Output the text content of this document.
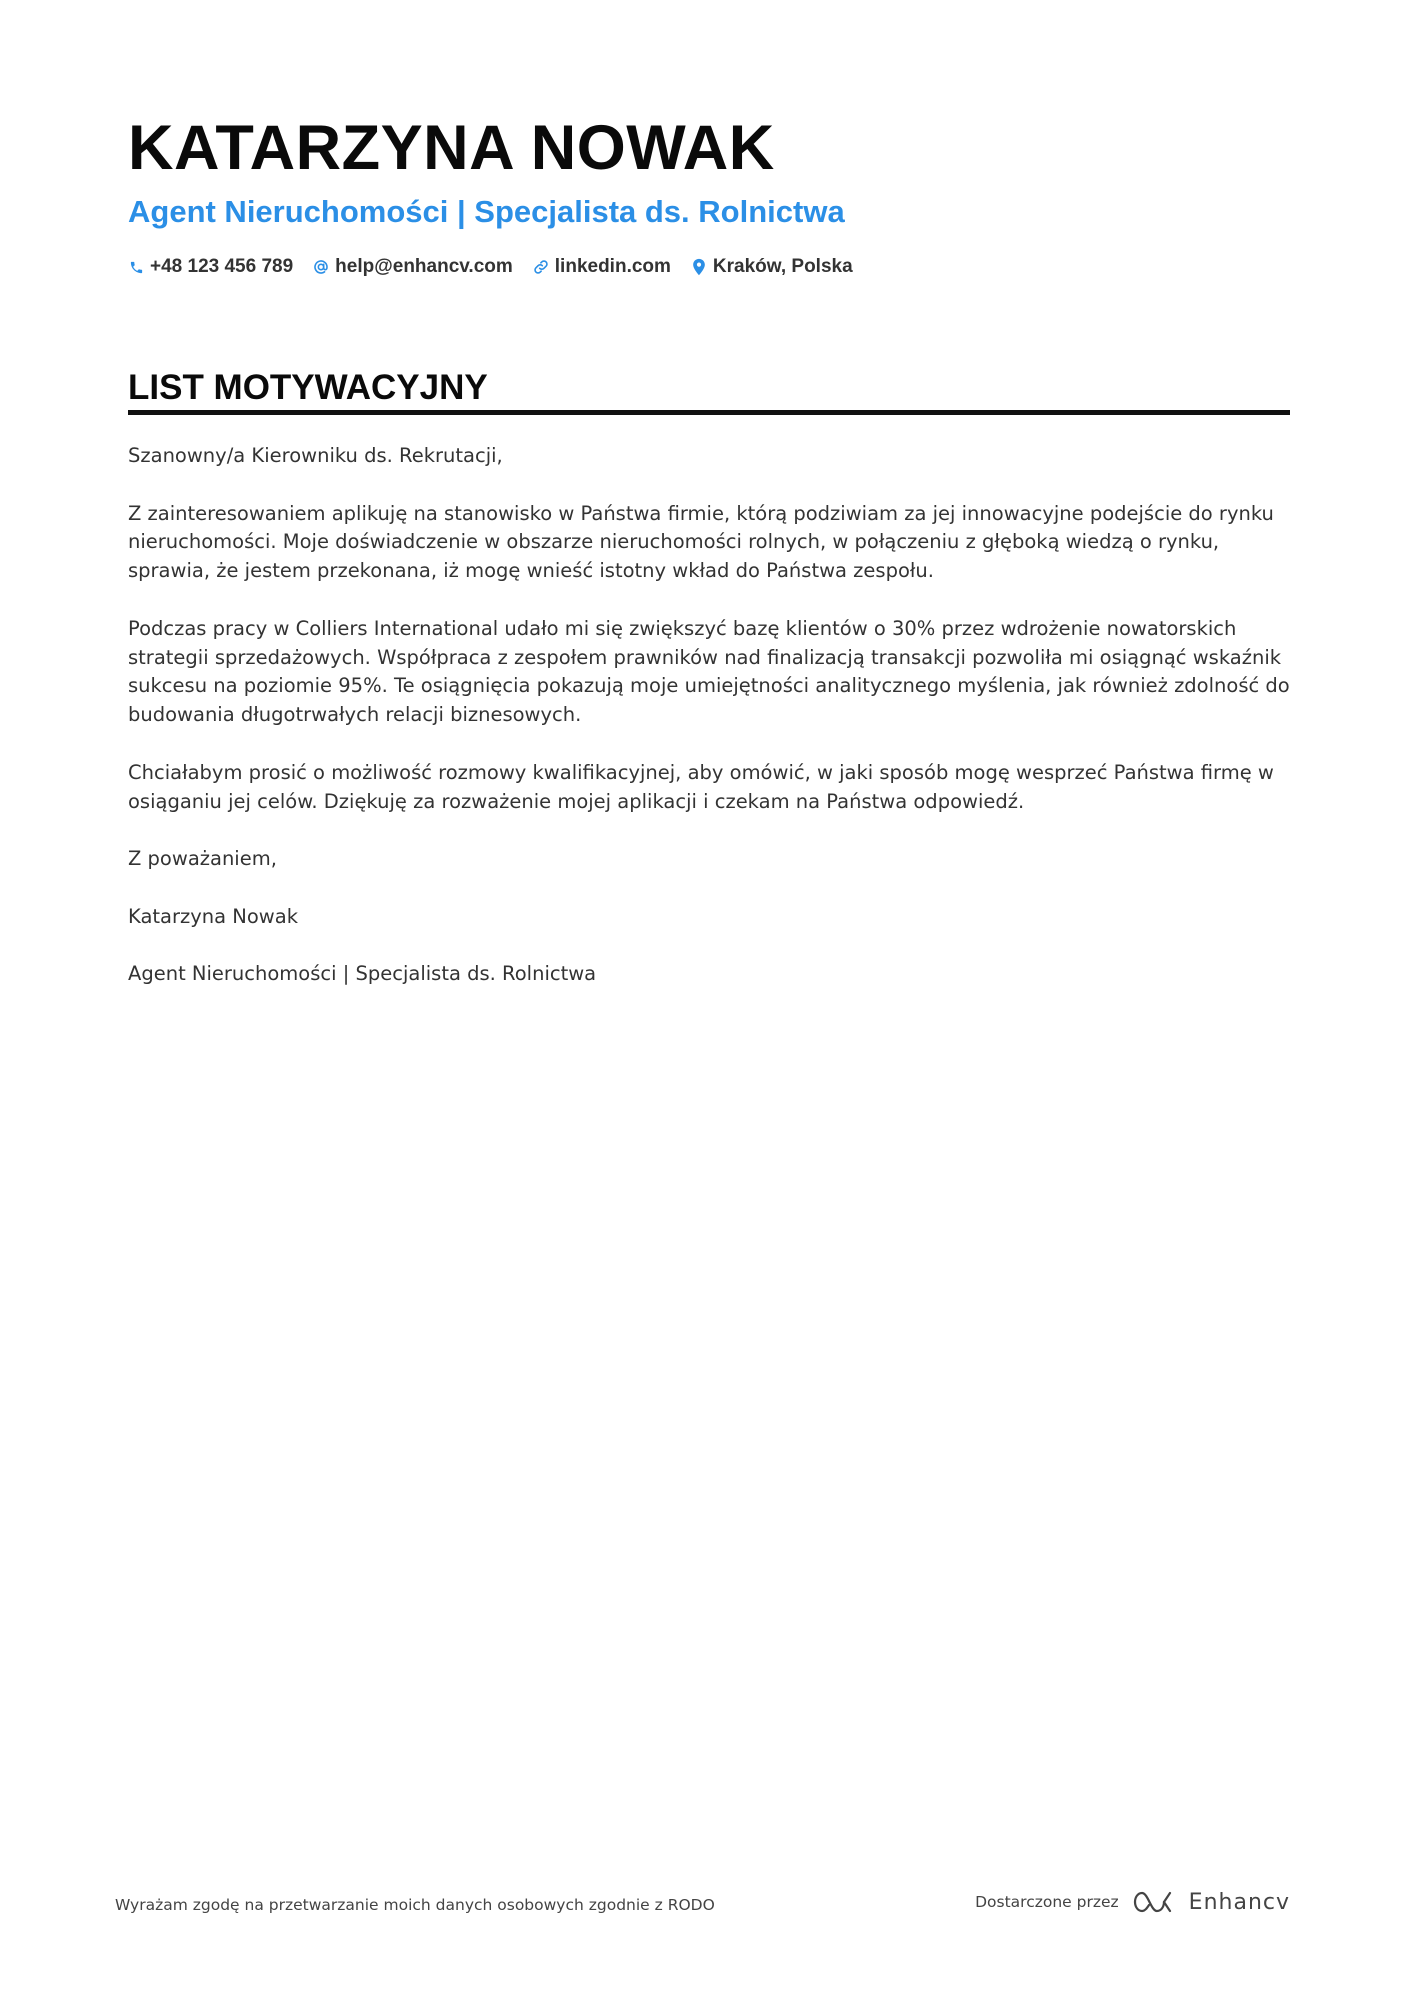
KATARZYNA NOWAK
Agent Nieruchomości | Specjalista ds. Rolnictwa
+48 123 456 789 help@enhancv.com linkedin.com Kraków, Polska
LIST MOTYWACYJNY

Szanowny/a Kierowniku ds. Rekrutacji,

Z zainteresowaniem aplikuję na stanowisko w Państwa firmie, którą podziwiam za jej innowacyjne podejście do rynku nieruchomości. Moje doświadczenie w obszarze nieruchomości rolnych, w połączeniu z głęboką wiedzą o rynku, sprawia, że jestem przekonana, iż mogę wnieść istotny wkład do Państwa zespołu.

Podczas pracy w Colliers International udało mi się zwiększyć bazę klientów o 30% przez wdrożenie nowatorskich strategii sprzedażowych. Współpraca z zespołem prawników nad finalizacją transakcji pozwoliła mi osiągnąć wskaźnik sukcesu na poziomie 95%. Te osiągnięcia pokazują moje umiejętności analitycznego myślenia, jak również zdolność do budowania długotrwałych relacji biznesowych.

Chciałabym prosić o możliwość rozmowy kwalifikacyjnej, aby omówić, w jaki sposób mogę wesprzeć Państwa firmę w osiąganiu jej celów. Dziękuję za rozważenie mojej aplikacji i czekam na Państwa odpowiedź.

Z poważaniem,

Katarzyna Nowak

Agent Nieruchomości | Specjalista ds. Rolnictwa

Wyrażam zgodę na przetwarzanie moich danych osobowych zgodnie z RODO	Dostarczone przez	Enhancv
